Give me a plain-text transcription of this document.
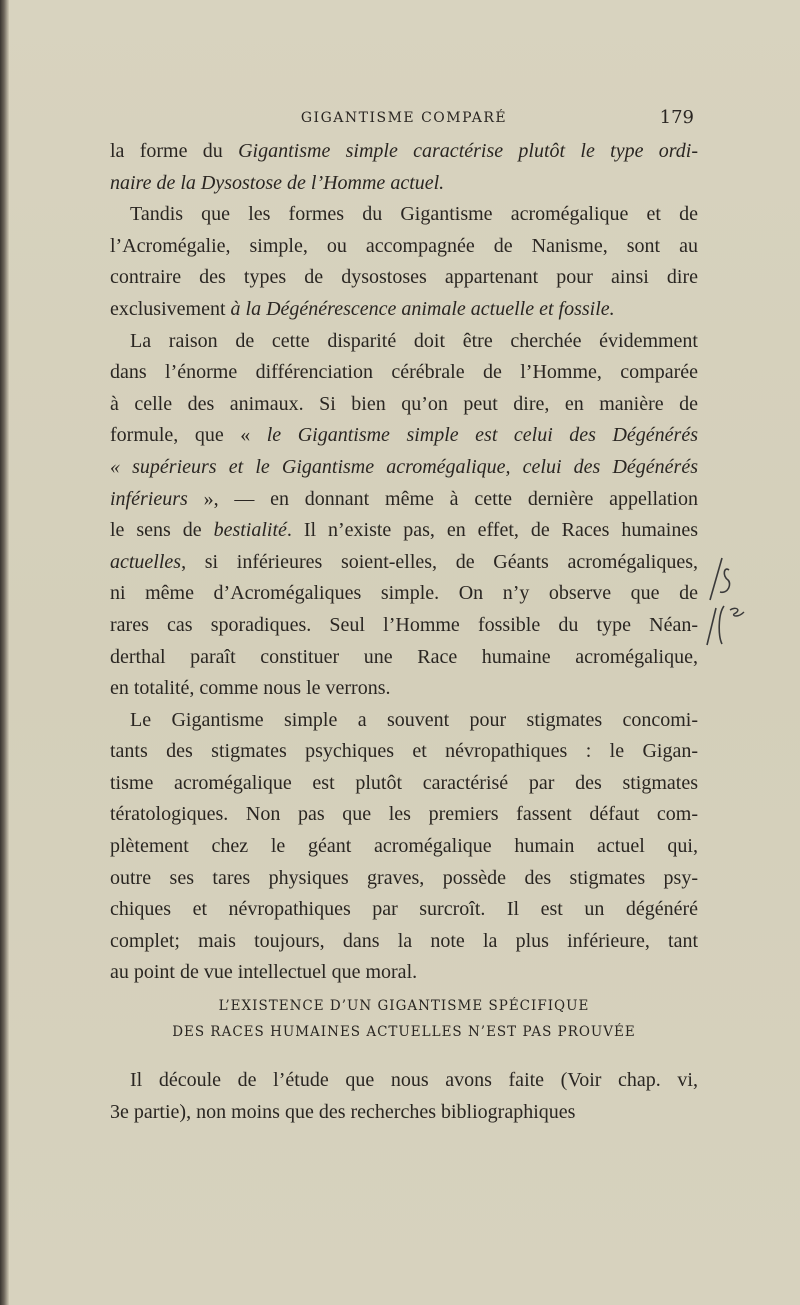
GIGANTISME COMPARÉ	179
la forme du Gigantisme simple caractérise plutôt le type ordi-
naire de la Dysostose de l’Homme actuel.
Tandis que les formes du Gigantisme acromégalique et de
l’Acromégalie, simple, ou accompagnée de Nanisme, sont au
contraire des types de dysostoses appartenant pour ainsi dire
exclusivement à la Dégénérescence animale actuelle et fossile.
La raison de cette disparité doit être cherchée évidemment
dans l’énorme différenciation cérébrale de l’Homme, comparée
à celle des animaux. Si bien qu’on peut dire, en manière de
formule, que « le Gigantisme simple est celui des Dégénérés
« supérieurs et le Gigantisme acromégalique, celui des Dégénérés
inférieurs », — en donnant même à cette dernière appellation
le sens de bestialité. Il n’existe pas, en effet, de Races humaines
actuelles, si inférieures soient-elles, de Géants acromégaliques,
ni même d’Acromégaliques simple. On n’y observe que de
rares cas sporadiques. Seul l’Homme fossible du type Néan-
derthal paraît constituer une Race humaine acromégalique,
en totalité, comme nous le verrons.
Le Gigantisme simple a souvent pour stigmates concomi-
tants des stigmates psychiques et névropathiques : le Gigan-
tisme acromégalique est plutôt caractérisé par des stigmates
tératologiques. Non pas que les premiers fassent défaut com-
plètement chez le géant acromégalique humain actuel qui,
outre ses tares physiques graves, possède des stigmates psy-
chiques et névropathiques par surcroît. Il est un dégénéré
complet; mais toujours, dans la note la plus inférieure, tant
au point de vue intellectuel que moral.
L’EXISTENCE D’UN GIGANTISME SPÉCIFIQUE
DES RACES HUMAINES ACTUELLES N’EST PAS PROUVÉE
Il découle de l’étude que nous avons faite (Voir chap. vi,
3e partie), non moins que des recherches bibliographiques
